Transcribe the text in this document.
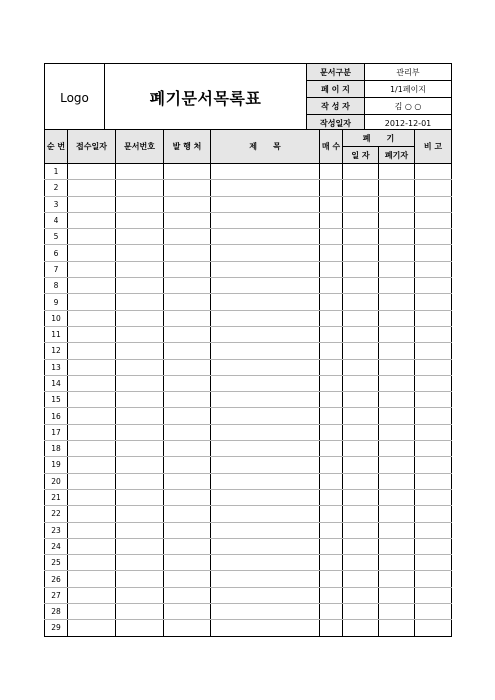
Logo	폐기문서목록표	문서구분	관리부
		페 이 지	1/1페이지
		작 성 자	김 ○ ○
		작성일자	2012-12-01
순 번	접수일자	문서번호	발 행 처	제　　목	매 수	폐　　기		비 고
						일 자	폐기자	
1								
2								
3								
4								
5								
6								
7								
8								
9								
10								
11								
12								
13								
14								
15								
16								
17								
18								
19								
20								
21								
22								
23								
24								
25								
26								
27								
28								
29								
